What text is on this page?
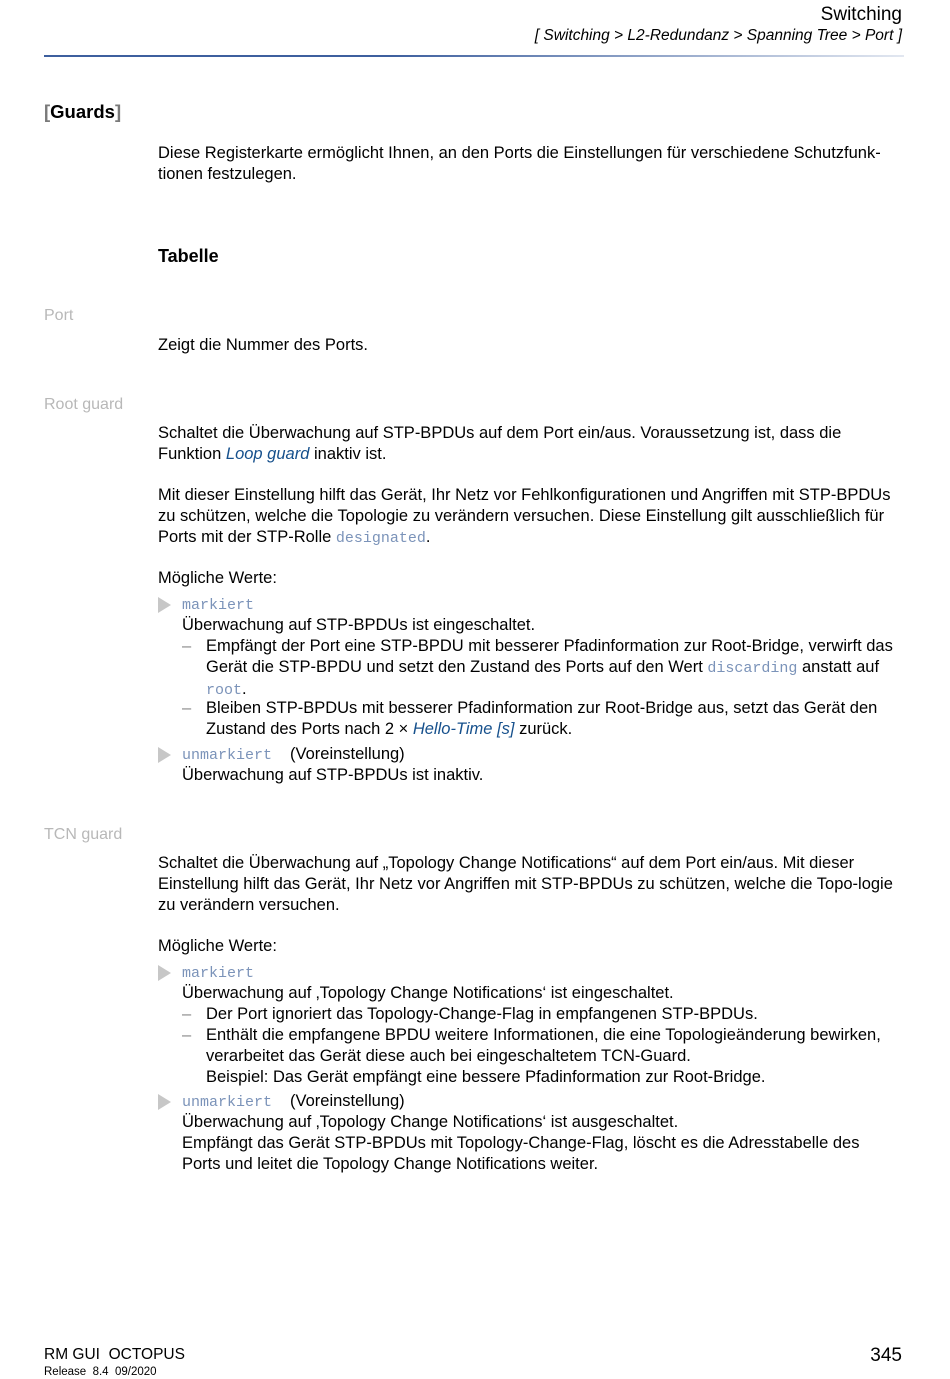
Switching
[ Switching > L2-Redundanz > Spanning Tree > Port ]
[Guards]
Diese Registerkarte ermöglicht Ihnen, an den Ports die Einstellungen für verschiedene Schutzfunk-tionen festzulegen.
Tabelle
Port
Zeigt die Nummer des Ports.
Root guard
Schaltet die Überwachung auf STP-BPDUs auf dem Port ein/aus. Voraussetzung ist, dass die Funktion Loop guard inaktiv ist.
Mit dieser Einstellung hilft das Gerät, Ihr Netz vor Fehlkonfigurationen und Angriffen mit STP-BPDUs zu schützen, welche die Topologie zu verändern versuchen. Diese Einstellung gilt ausschließlich für Ports mit der STP-Rolle designated.
Mögliche Werte:
markiert
Überwachung auf STP-BPDUs ist eingeschaltet.
– Empfängt der Port eine STP-BPDU mit besserer Pfadinformation zur Root-Bridge, verwirft das Gerät die STP-BPDU und setzt den Zustand des Ports auf den Wert discarding anstatt auf root.
– Bleiben STP-BPDUs mit besserer Pfadinformation zur Root-Bridge aus, setzt das Gerät den Zustand des Ports nach 2 × Hello-Time [s] zurück.
unmarkiert (Voreinstellung)
Überwachung auf STP-BPDUs ist inaktiv.
TCN guard
Schaltet die Überwachung auf „Topology Change Notifications“ auf dem Port ein/aus. Mit dieser Einstellung hilft das Gerät, Ihr Netz vor Angriffen mit STP-BPDUs zu schützen, welche die Topo-logie zu verändern versuchen.
Mögliche Werte:
markiert
Überwachung auf ‚Topology Change Notifications‘ ist eingeschaltet.
– Der Port ignoriert das Topology-Change-Flag in empfangenen STP-BPDUs.
– Enthält die empfangene BPDU weitere Informationen, die eine Topologieänderung bewirken, verarbeitet das Gerät diese auch bei eingeschaltetem TCN-Guard.
Beispiel: Das Gerät empfängt eine bessere Pfadinformation zur Root-Bridge.
unmarkiert (Voreinstellung)
Überwachung auf ‚Topology Change Notifications‘ ist ausgeschaltet.
Empfängt das Gerät STP-BPDUs mit Topology-Change-Flag, löscht es die Adresstabelle des Ports und leitet die Topology Change Notifications weiter.
RM GUI  OCTOPUS
Release  8.4  09/2020
345
